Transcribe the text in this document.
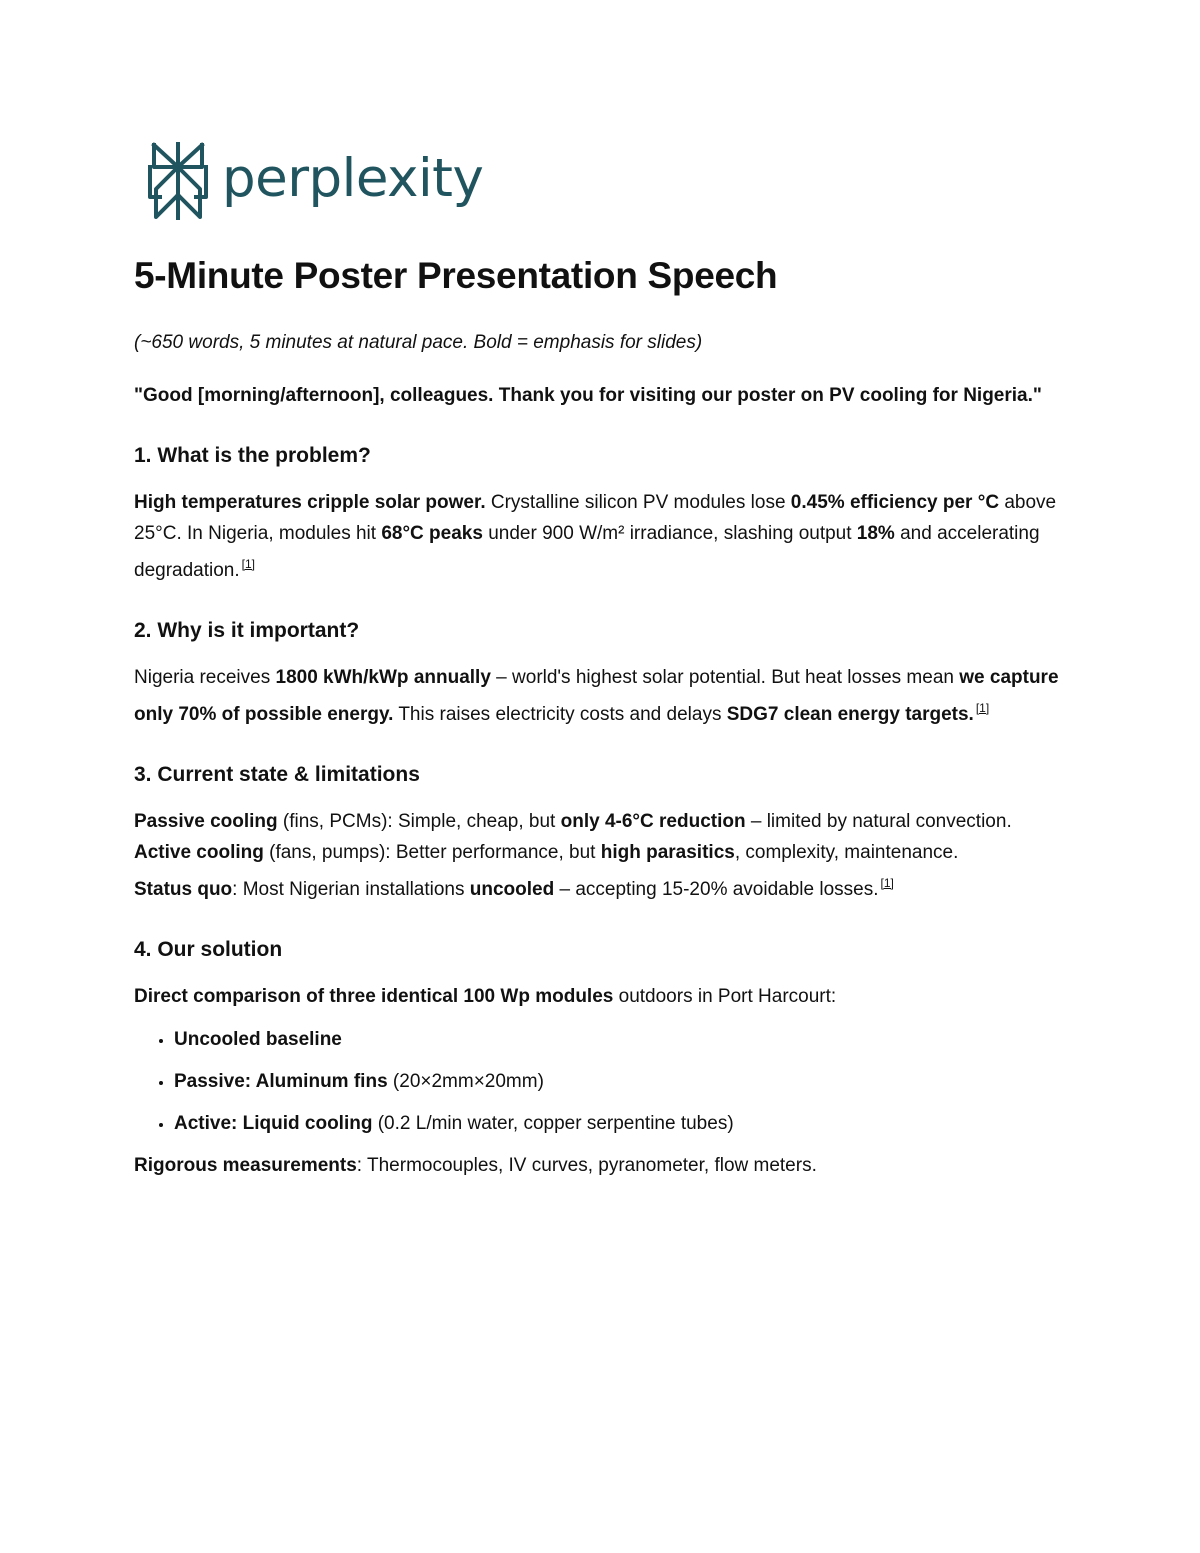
perplexity
5-Minute Poster Presentation Speech
(~650 words, 5 minutes at natural pace. Bold = emphasis for slides)
"Good [morning/afternoon], colleagues. Thank you for visiting our poster on PV cooling for Nigeria."
1. What is the problem?

High temperatures cripple solar power. Crystalline silicon PV modules lose 0.45% efficiency per °C above 25°C. In Nigeria, modules hit 68°C peaks under 900 W/m² irradiance, slashing output 18% and accelerating degradation. [1]

2. Why is it important?

Nigeria receives 1800 kWh/kWp annually – world's highest solar potential. But heat losses mean we capture only 70% of possible energy. This raises electricity costs and delays SDG7 clean energy targets. [1]

3. Current state & limitations

Passive cooling (fins, PCMs): Simple, cheap, but only 4-6°C reduction – limited by natural convection.

Active cooling (fans, pumps): Better performance, but high parasitics, complexity, maintenance.

Status quo: Most Nigerian installations uncooled – accepting 15-20% avoidable losses. [1]

4. Our solution

Direct comparison of three identical 100 Wp modules outdoors in Port Harcourt:

• Uncooled baseline
• Passive: Aluminum fins (20×2mm×20mm)
• Active: Liquid cooling (0.2 L/min water, copper serpentine tubes)

Rigorous measurements: Thermocouples, IV curves, pyranometer, flow meters.
